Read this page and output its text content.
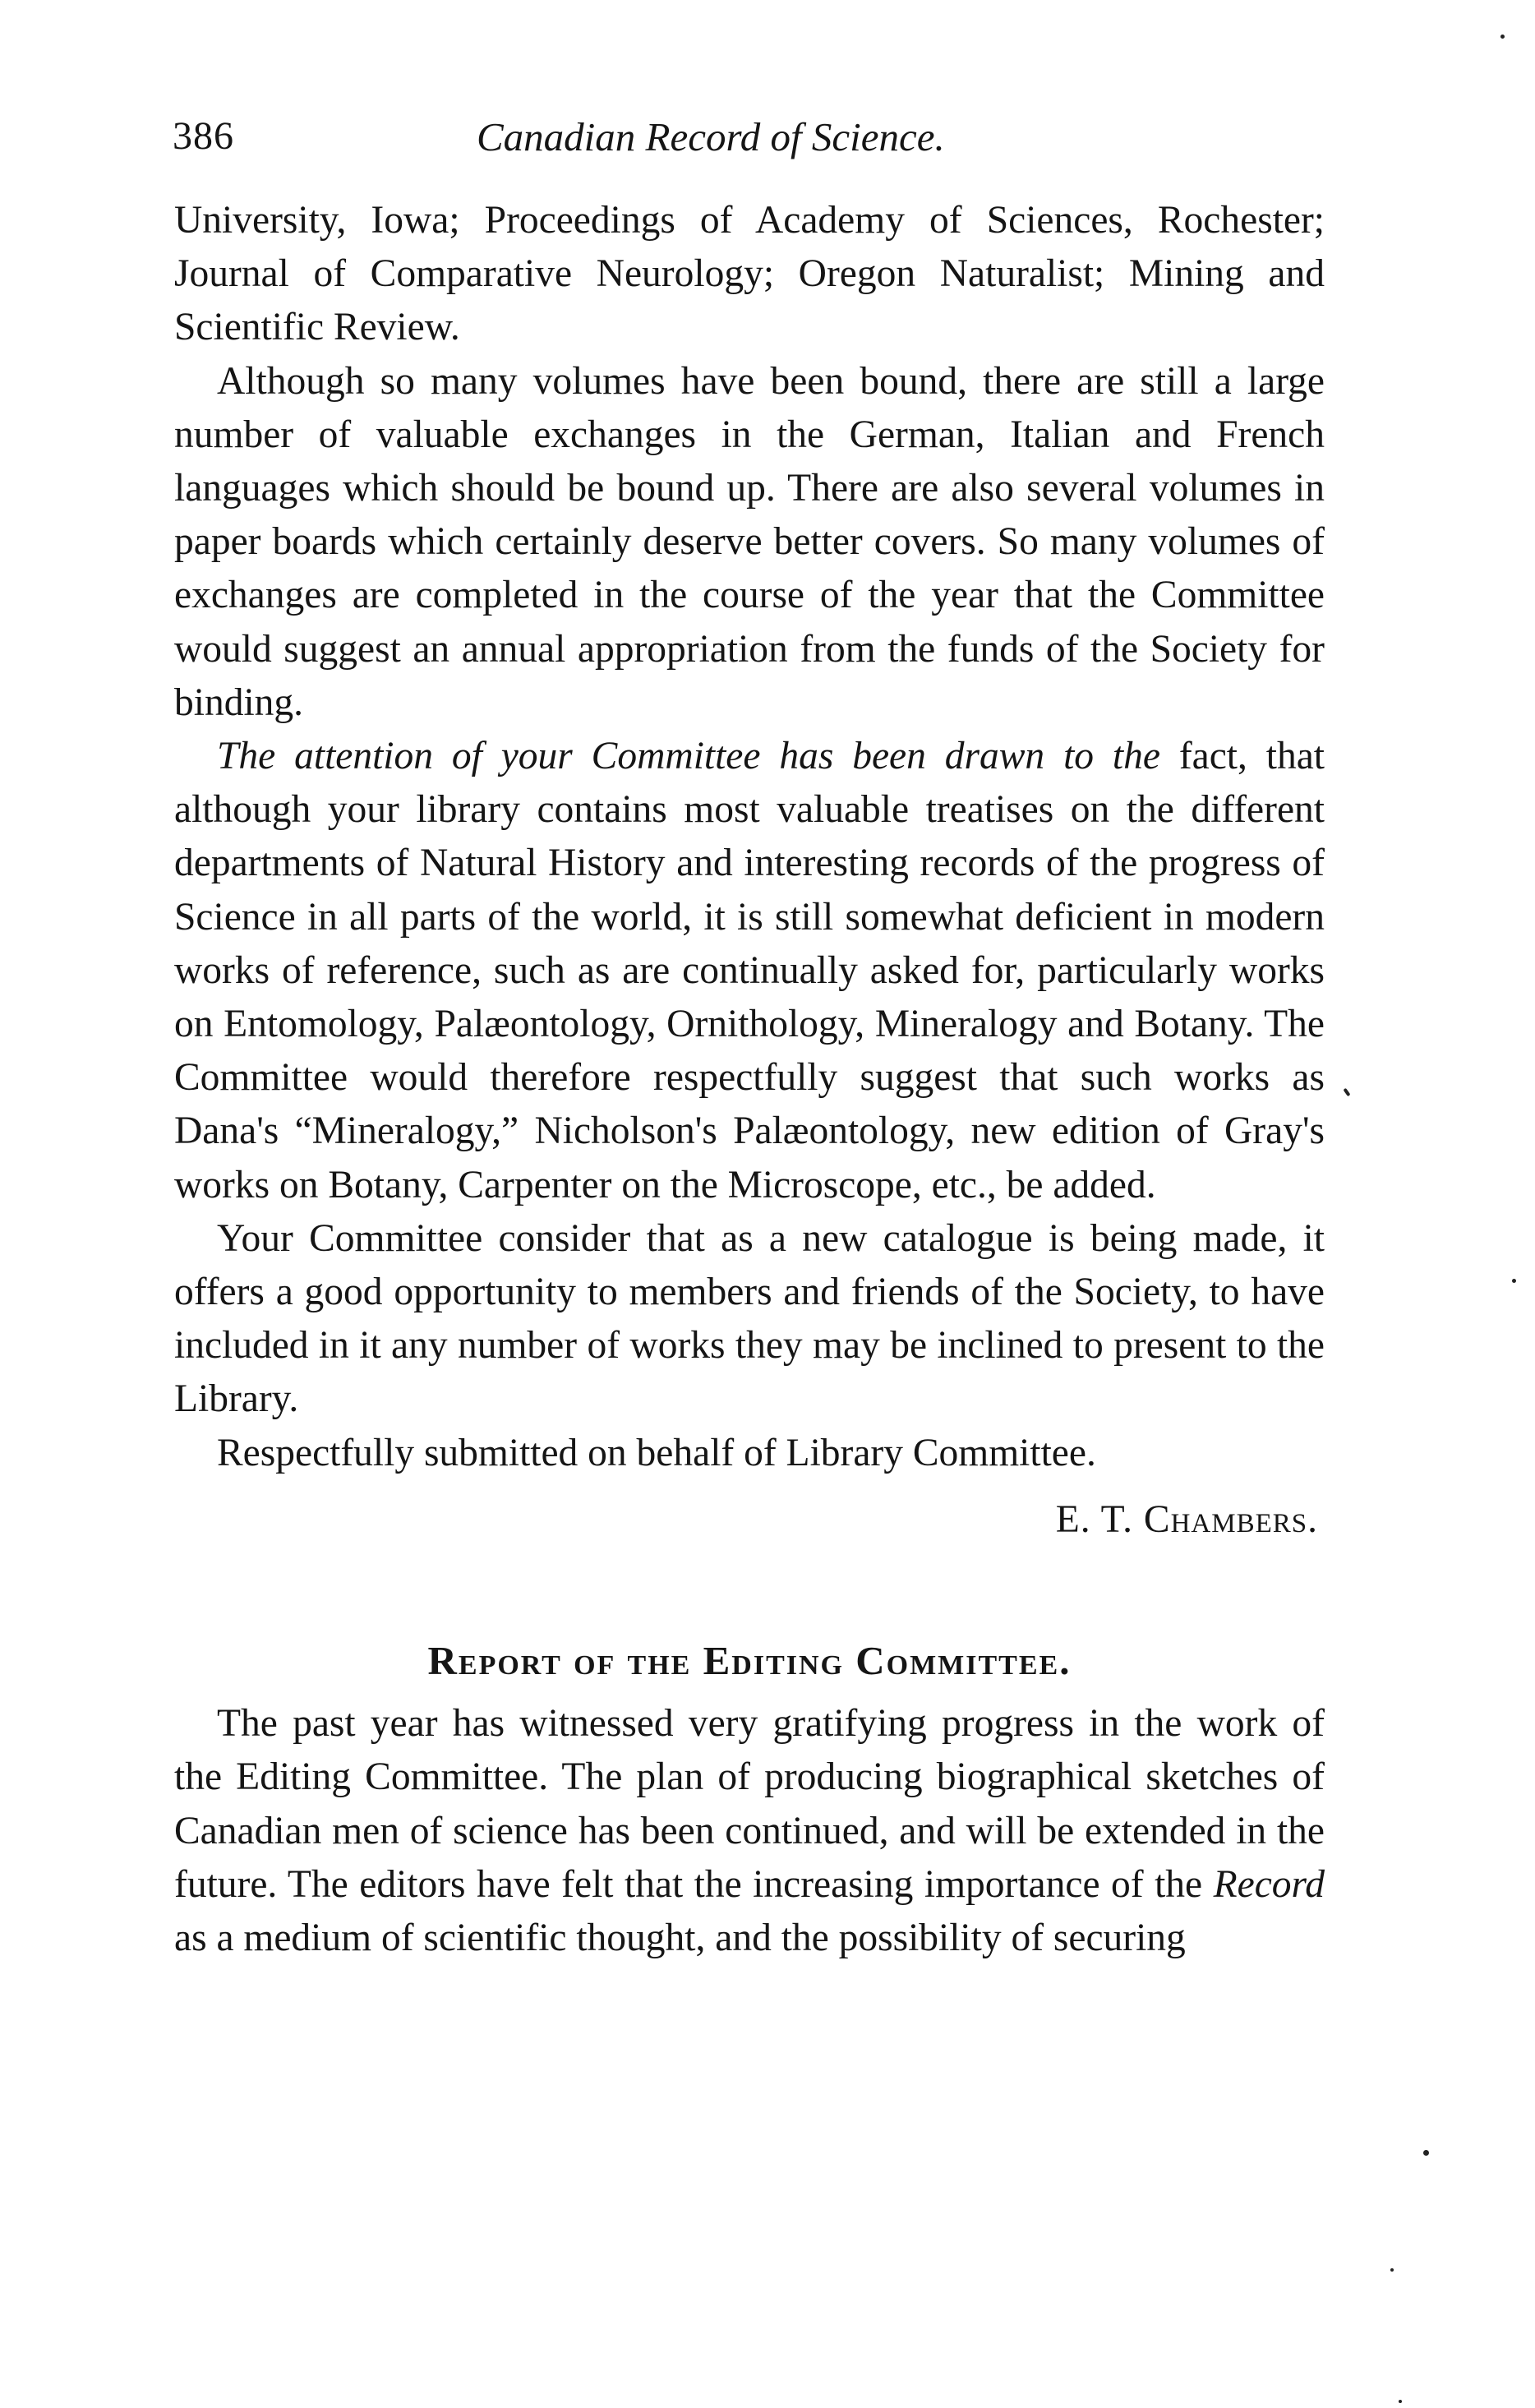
386	Canadian Record of Science.

University, Iowa; Proceedings of Academy of Sciences, Rochester; Journal of Comparative Neurology; Oregon Naturalist; Mining and Scientific Review.

Although so many volumes have been bound, there are still a large number of valuable exchanges in the German, Italian and French languages which should be bound up. There are also several volumes in paper boards which certainly deserve better covers. So many volumes of exchanges are completed in the course of the year that the Committee would suggest an annual appropriation from the funds of the Society for binding.

The attention of your Committee has been drawn to the fact, that although your library contains most valuable treatises on the different departments of Natural History and interesting records of the progress of Science in all parts of the world, it is still somewhat deficient in modern works of reference, such as are continually asked for, particularly works on Entomology, Palæontology, Ornithology, Mineralogy and Botany. The Committee would therefore respectfully suggest that such works as Dana's “Mineralogy,” Nicholson's Palæontology, new edition of Gray's works on Botany, Carpenter on the Microscope, etc., be added.

Your Committee consider that as a new catalogue is being made, it offers a good opportunity to members and friends of the Society, to have included in it any number of works they may be inclined to present to the Library.

Respectfully submitted on behalf of Library Committee.

E. T. Chambers.

Report of the Editing Committee.

The past year has witnessed very gratifying progress in the work of the Editing Committee. The plan of producing biographical sketches of Canadian men of science has been continued, and will be extended in the future. The editors have felt that the increasing importance of the Record as a medium of scientific thought, and the possibility of securing
